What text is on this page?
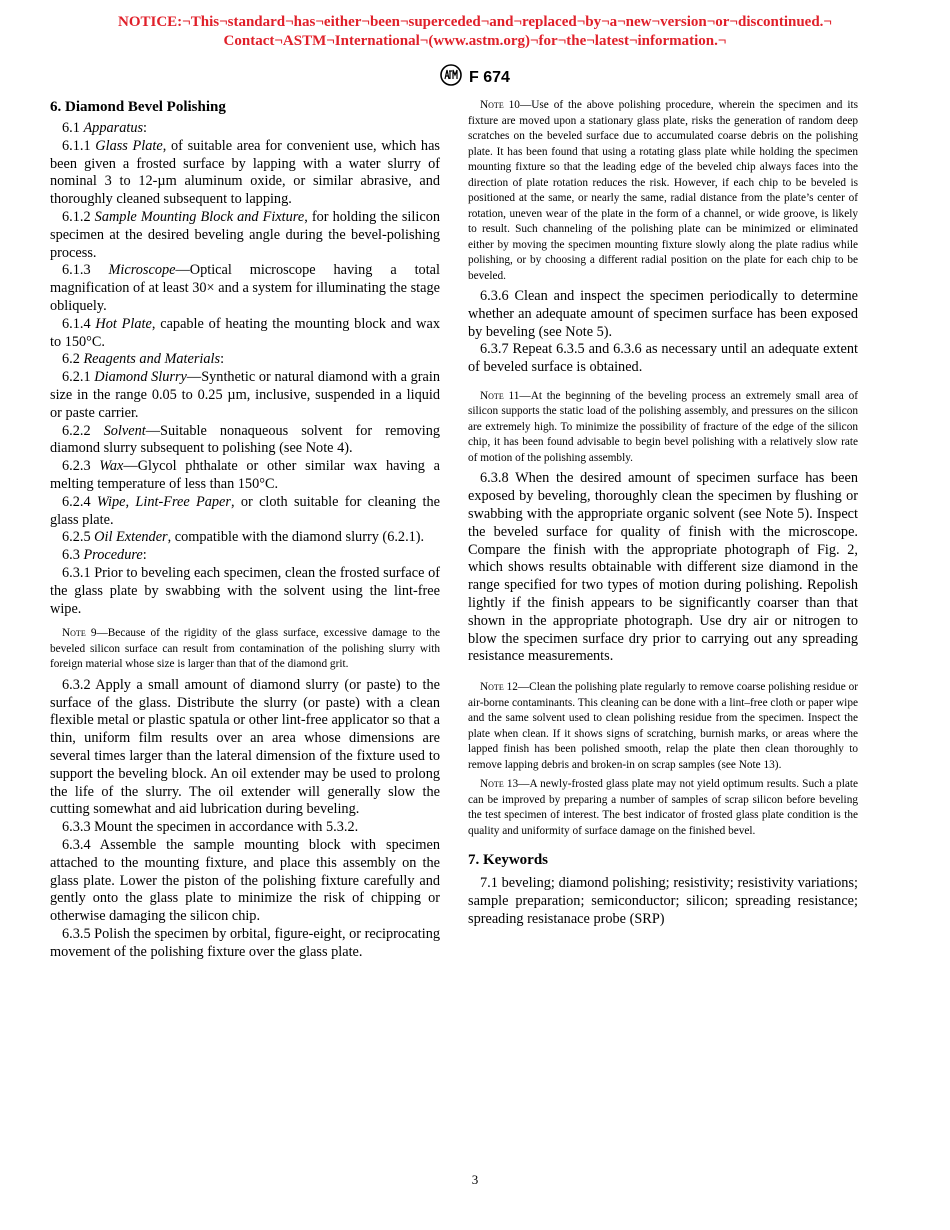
NOTICE:¬This¬standard¬has¬either¬been¬superceded¬and¬replaced¬by¬a¬new¬version¬or¬discontinued.¬
Contact¬ASTM¬International¬(www.astm.org)¬for¬the¬latest¬information.¬
F 674

6. Diamond Bevel Polishing

6.1 Apparatus:

6.1.1 Glass Plate, of suitable area for convenient use, which has been given a frosted surface by lapping with a water slurry of nominal 3 to 12-µm aluminum oxide, or similar abrasive, and thoroughly cleaned subsequent to lapping.

6.1.2 Sample Mounting Block and Fixture, for holding the silicon specimen at the desired beveling angle during the bevel-polishing process.

6.1.3 Microscope—Optical microscope having a total magnification of at least 30× and a system for illuminating the stage obliquely.

6.1.4 Hot Plate, capable of heating the mounting block and wax to 150°C.

6.2 Reagents and Materials:

6.2.1 Diamond Slurry—Synthetic or natural diamond with a grain size in the range 0.05 to 0.25 µm, inclusive, suspended in a liquid or paste carrier.

6.2.2 Solvent—Suitable nonaqueous solvent for removing diamond slurry subsequent to polishing (see Note 4).

6.2.3 Wax—Glycol phthalate or other similar wax having a melting temperature of less than 150°C.

6.2.4 Wipe, Lint-Free Paper, or cloth suitable for cleaning the glass plate.

6.2.5 Oil Extender, compatible with the diamond slurry (6.2.1).

6.3 Procedure:

6.3.1 Prior to beveling each specimen, clean the frosted surface of the glass plate by swabbing with the solvent using the lint-free wipe.

Note 9—Because of the rigidity of the glass surface, excessive damage to the beveled silicon surface can result from contamination of the polishing slurry with foreign material whose size is larger than that of the diamond grit.

6.3.2 Apply a small amount of diamond slurry (or paste) to the surface of the glass. Distribute the slurry (or paste) with a clean flexible metal or plastic spatula or other lint-free applicator so that a thin, uniform film results over an area whose dimensions are several times larger than the lateral dimension of the fixture used to support the beveling block. An oil extender may be used to prolong the life of the slurry. The oil extender will generally slow the cutting somewhat and aid lubrication during beveling.

6.3.3 Mount the specimen in accordance with 5.3.2.

6.3.4 Assemble the sample mounting block with specimen attached to the mounting fixture, and place this assembly on the glass plate. Lower the piston of the polishing fixture carefully and gently onto the glass plate to minimize the risk of chipping or otherwise damaging the silicon chip.

6.3.5 Polish the specimen by orbital, figure-eight, or reciprocating movement of the polishing fixture over the glass plate.

Note 10—Use of the above polishing procedure, wherein the specimen and its fixture are moved upon a stationary glass plate, risks the generation of random deep scratches on the beveled surface due to accumulated coarse debris on the polishing plate. It has been found that using a rotating glass plate while holding the specimen mounting fixture so that the leading edge of the beveled chip always faces into the direction of plate rotation reduces the risk. However, if each chip to be beveled is positioned at the same, or nearly the same, radial distance from the plate’s center of rotation, uneven wear of the plate in the form of a channel, or wide groove, is likely to result. Such channeling of the polishing plate can be minimized or eliminated either by moving the specimen mounting fixture slowly along the plate radius while polishing, or by choosing a different radial position on the plate for each chip to be beveled.

6.3.6 Clean and inspect the specimen periodically to determine whether an adequate amount of specimen surface has been exposed by beveling (see Note 5).

6.3.7 Repeat 6.3.5 and 6.3.6 as necessary until an adequate extent of beveled surface is obtained.

Note 11—At the beginning of the beveling process an extremely small area of silicon supports the static load of the polishing assembly, and pressures on the silicon are extremely high. To minimize the possibility of fracture of the edge of the silicon chip, it has been found advisable to begin bevel polishing with a relatively slow rate of motion of the polishing assembly.

6.3.8 When the desired amount of specimen surface has been exposed by beveling, thoroughly clean the specimen by flushing or swabbing with the appropriate organic solvent (see Note 5). Inspect the beveled surface for quality of finish with the microscope. Compare the finish with the appropriate photograph of Fig. 2, which shows results obtainable with different size diamond in the range specified for two types of motion during polishing. Repolish lightly if the finish appears to be significantly coarser than that shown in the appropriate photograph. Use dry air or nitrogen to blow the specimen surface dry prior to carrying out any spreading resistance measurements.

Note 12—Clean the polishing plate regularly to remove coarse polishing residue or air-borne contaminants. This cleaning can be done with a lint–free cloth or paper wipe and the same solvent used to clean polishing residue from the specimen. Inspect the plate when clean. If it shows signs of scratching, burnish marks, or areas where the lapped finish has been polished smooth, relap the plate then clean thoroughly to remove lapping debris and broken-in on scrap samples (see Note 13).

Note 13—A newly-frosted glass plate may not yield optimum results. Such a plate can be improved by preparing a number of samples of scrap silicon before beveling the test specimen of interest. The best indicator of frosted glass plate condition is the quality and uniformity of surface damage on the finished bevel.

7. Keywords

7.1 beveling; diamond polishing; resistivity; resistivity variations; sample preparation; semiconductor; silicon; spreading resistance; spreading resistanace probe (SRP)

3
